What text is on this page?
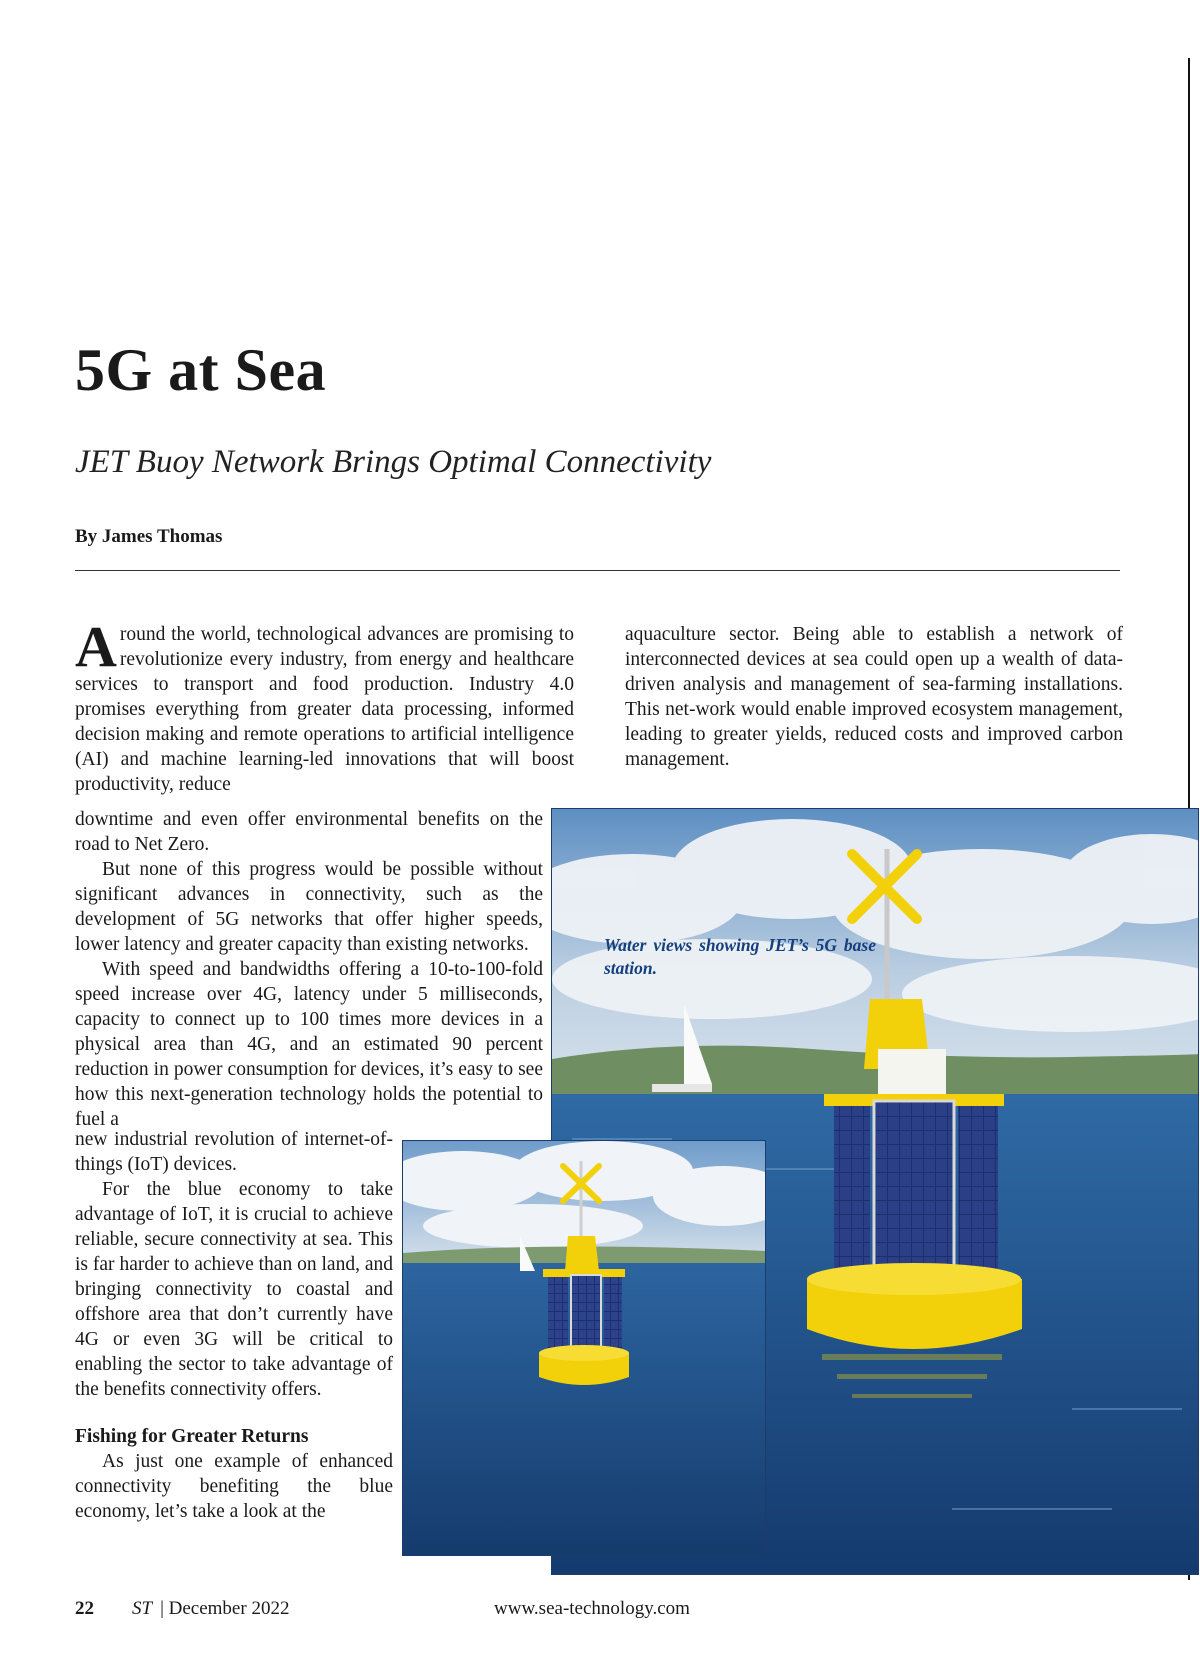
5G at Sea
JET Buoy Network Brings Optimal Connectivity
By James Thomas

Around the world, technological advances are promising to revolutionize every industry, from energy and healthcare services to transport and food production. Industry 4.0 promises everything from greater data processing, informed decision making and remote operations to artificial intelligence (AI) and machine learning-led innovations that will boost productivity, reduce

downtime and even offer environmental benefits on the road to Net Zero.

But none of this progress would be possible without significant advances in connectivity, such as the development of 5G networks that offer higher speeds, lower latency and greater capacity than existing networks.

With speed and bandwidths offering a 10-to-100-fold speed increase over 4G, latency under 5 milliseconds, capacity to connect up to 100 times more devices in a physical area than 4G, and an estimated 90 percent reduction in power consumption for devices, it’s easy to see how this next-generation technology holds the potential to fuel a

new industrial revolution of internet-of-things (IoT) devices.

For the blue economy to take advantage of IoT, it is crucial to achieve reliable, secure connectivity at sea. This is far harder to achieve than on land, and bringing connectivity to coastal and offshore area that don’t currently have 4G or even 3G will be critical to enabling the sector to take advantage of the benefits connectivity offers.

Fishing for Greater Returns

As just one example of enhanced connectivity benefiting the blue economy, let’s take a look at the

aquaculture sector. Being able to establish a network of interconnected devices at sea could open up a wealth of data-driven analysis and management of sea-farming installations. This net-work would enable improved ecosystem management, leading to greater yields, reduced costs and improved carbon management.

Water views showing JET’s 5G base station.
22 ST | December 2022	www.sea-technology.com
